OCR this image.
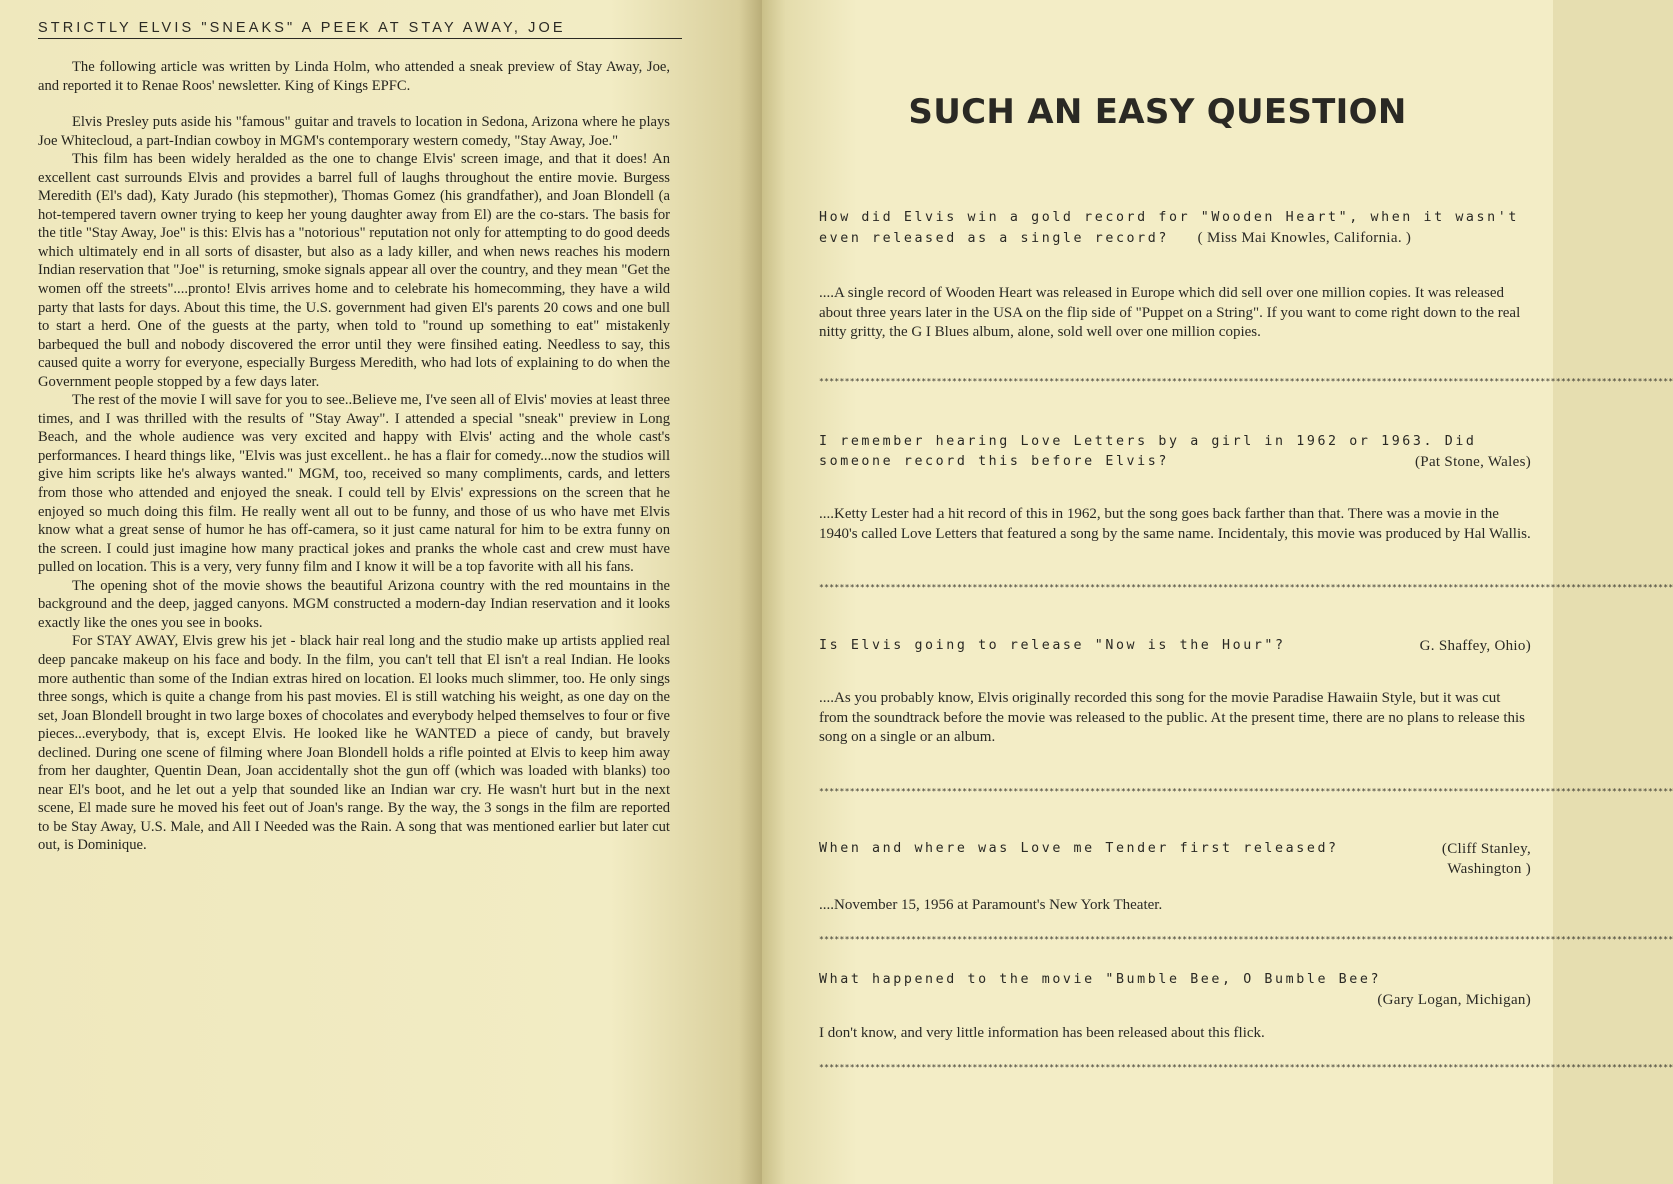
STRICTLY ELVIS "SNEAKS" A PEEK AT STAY AWAY, JOE

The following article was written by Linda Holm, who attended a sneak preview of Stay Away, Joe, and reported it to Renae Roos' newsletter. King of Kings EPFC.

Elvis Presley puts aside his "famous" guitar and travels to location in Sedona, Arizona where he plays Joe Whitecloud, a part-Indian cowboy in MGM's contemporary western comedy, "Stay Away, Joe."

This film has been widely heralded as the one to change Elvis' screen image, and that it does! An excellent cast surrounds Elvis and provides a barrel full of laughs throughout the entire movie. Burgess Meredith (El's dad), Katy Jurado (his stepmother), Thomas Gomez (his grandfather), and Joan Blondell (a hot-tempered tavern owner trying to keep her young daughter away from El) are the co-stars. The basis for the title "Stay Away, Joe" is this: Elvis has a "notorious" reputation not only for attempting to do good deeds which ultimately end in all sorts of disaster, but also as a lady killer, and when news reaches his modern Indian reservation that "Joe" is returning, smoke signals appear all over the country, and they mean "Get the women off the streets"....pronto! Elvis arrives home and to celebrate his homecomming, they have a wild party that lasts for days. About this time, the U.S. government had given El's parents 20 cows and one bull to start a herd. One of the guests at the party, when told to "round up something to eat" mistakenly barbequed the bull and nobody discovered the error until they were finsihed eating. Needless to say, this caused quite a worry for everyone, especially Burgess Meredith, who had lots of explaining to do when the Government people stopped by a few days later.

The rest of the movie I will save for you to see..Believe me, I've seen all of Elvis' movies at least three times, and I was thrilled with the results of "Stay Away". I attended a special "sneak" preview in Long Beach, and the whole audience was very excited and happy with Elvis' acting and the whole cast's performances. I heard things like, "Elvis was just excellent.. he has a flair for comedy...now the studios will give him scripts like he's always wanted." MGM, too, received so many compliments, cards, and letters from those who attended and enjoyed the sneak. I could tell by Elvis' expressions on the screen that he enjoyed so much doing this film. He really went all out to be funny, and those of us who have met Elvis know what a great sense of humor he has off-camera, so it just came natural for him to be extra funny on the screen. I could just imagine how many practical jokes and pranks the whole cast and crew must have pulled on location. This is a very, very funny film and I know it will be a top favorite with all his fans.

The opening shot of the movie shows the beautiful Arizona country with the red mountains in the background and the deep, jagged canyons. MGM constructed a modern-day Indian reservation and it looks exactly like the ones you see in books.

For STAY AWAY, Elvis grew his jet - black hair real long and the studio make up artists applied real deep pancake makeup on his face and body. In the film, you can't tell that El isn't a real Indian. He looks more authentic than some of the Indian extras hired on location. El looks much slimmer, too. He only sings three songs, which is quite a change from his past movies. El is still watching his weight, as one day on the set, Joan Blondell brought in two large boxes of chocolates and everybody helped themselves to four or five pieces...everybody, that is, except Elvis. He looked like he WANTED a piece of candy, but bravely declined. During one scene of filming where Joan Blondell holds a rifle pointed at Elvis to keep him away from her daughter, Quentin Dean, Joan accidentally shot the gun off (which was loaded with blanks) too near El's boot, and he let out a yelp that sounded like an Indian war cry. He wasn't hurt but in the next scene, El made sure he moved his feet out of Joan's range. By the way, the 3 songs in the film are reported to be Stay Away, U.S. Male, and All I Needed was the Rain. A song that was mentioned earlier but later cut out, is Dominique.

SUCH AN EASY QUESTION
How did Elvis win a gold record for "Wooden Heart", when it wasn't even released as a single record? ( Miss Mai Knowles, California. )
....A single record of Wooden Heart was released in Europe which did sell over one million copies. It was released about three years later in the USA on the flip side of "Puppet on a String". If you want to come right down to the real nitty gritty, the G I Blues album, alone, sold well over one million copies.
***********************************************************************************************************************************************************************
I remember hearing Love Letters by a girl in 1962 or 1963. Did someone record this before Elvis?	(Pat Stone, Wales)
....Ketty Lester had a hit record of this in 1962, but the song goes back farther than that. There was a movie in the 1940's called Love Letters that featured a song by the same name. Incidentaly, this movie was produced by Hal Wallis.
***********************************************************************************************************************************************************************
Is Elvis going to release "Now is the Hour"?	G. Shaffey, Ohio)
....As you probably know, Elvis originally recorded this song for the movie Paradise Hawaiin Style, but it was cut from the soundtrack before the movie was released to the public. At the present time, there are no plans to release this song on a single or an album.
***********************************************************************************************************************************************************************
When and where was Love me Tender first released?	(Cliff Stanley, Washington )
....November 15, 1956 at Paramount's New York Theater.
***********************************************************************************************************************************************************************
What happened to the movie "Bumble Bee, O Bumble Bee?
(Gary Logan, Michigan)
I don't know, and very little information has been released about this flick.
***********************************************************************************************************************************************************************
